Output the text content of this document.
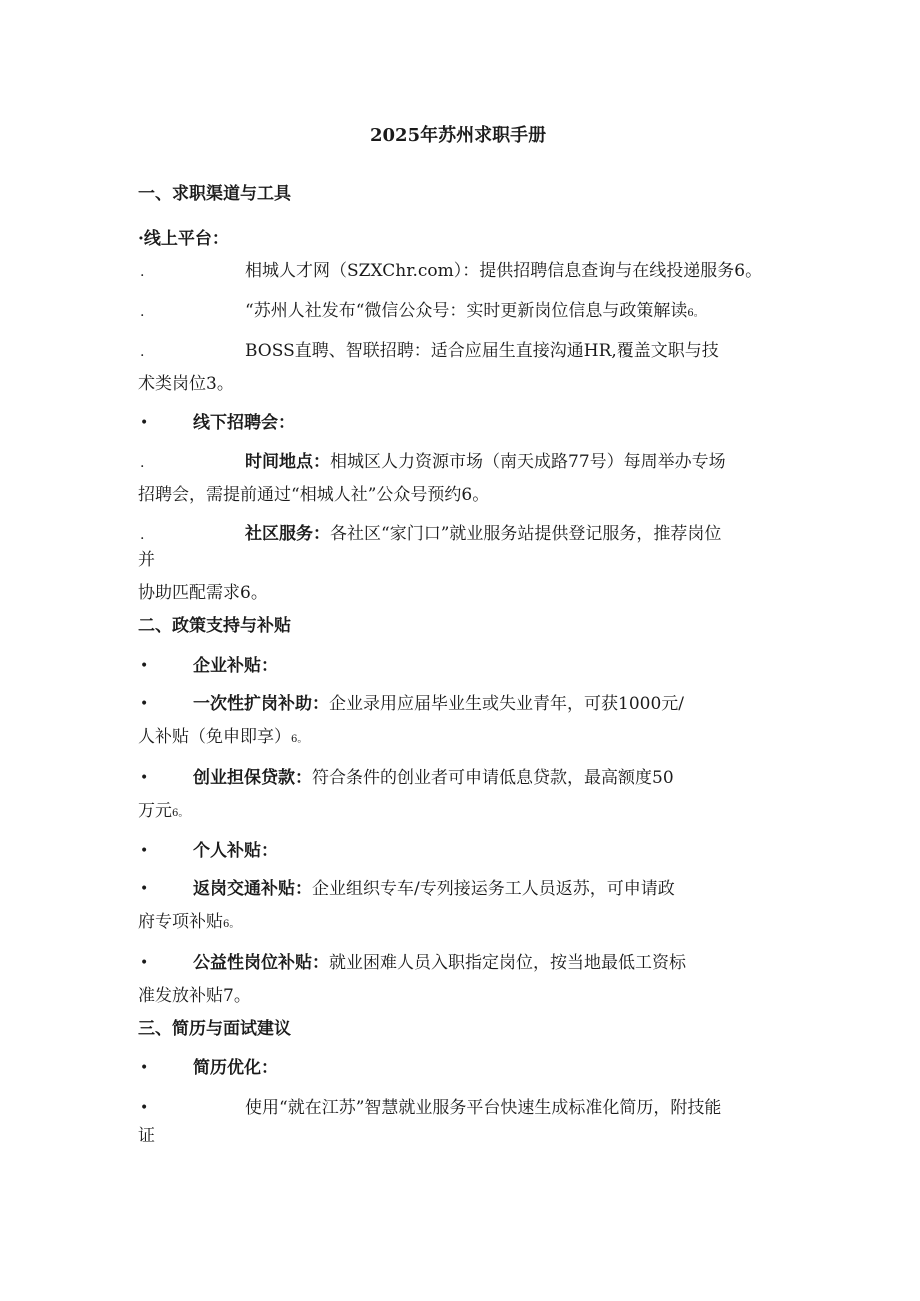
2025年苏州求职手册
一、求职渠道与工具
·线上平台：
.	相城人才网（SZXChr.com）：提供招聘信息查询与在线投递服务6。
.	“苏州人社发布“微信公众号：实时更新岗位信息与政策解读6。
.	BOSS直聘、智联招聘：适合应届生直接沟通HR,覆盖文职与技
术类岗位3。
•	线下招聘会：
.	时间地点：相城区人力资源市场（南天成路77号）每周举办专场
招聘会，需提前通过“相城人社”公众号预约6。
.	社区服务：各社区“家门口”就业服务站提供登记服务，推荐岗位
并
协助匹配需求6。
二、政策支持与补贴
•	企业补贴：
•	一次性扩岗补助：企业录用应届毕业生或失业青年，可获1000元/
人补贴（免申即享）6。
•	创业担保贷款：符合条件的创业者可申请低息贷款，最高额度50
万元6。
•	个人补贴：
•	返岗交通补贴：企业组织专车/专列接运务工人员返苏，可申请政
府专项补贴6。
•	公益性岗位补贴：就业困难人员入职指定岗位，按当地最低工资标
准发放补贴7。
三、简历与面试建议
•	简历优化：
•	使用“就在江苏”智慧就业服务平台快速生成标准化简历，附技能
证
